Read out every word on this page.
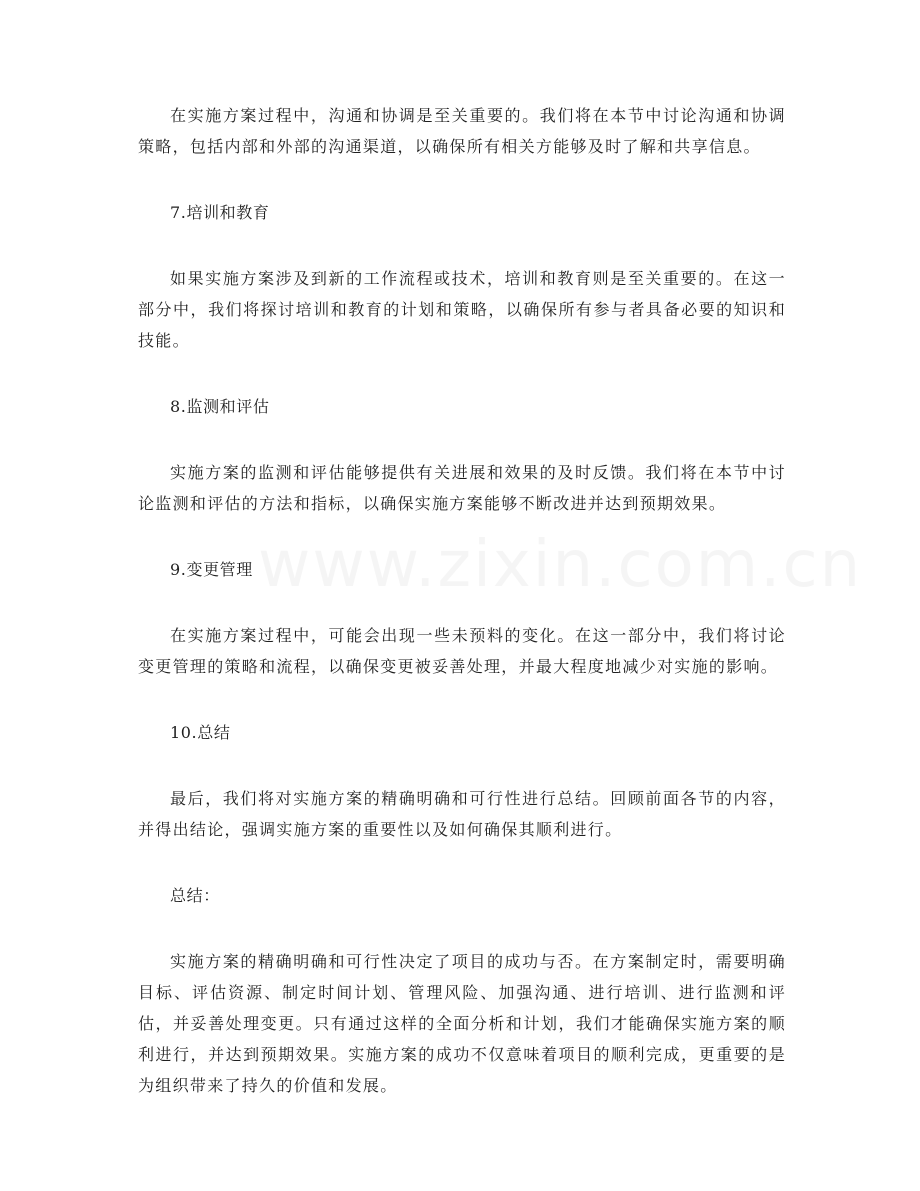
www.zixin.com.cn

在实施方案过程中，沟通和协调是至关重要的。我们将在本节中讨论沟通和协调策略，包括内部和外部的沟通渠道，以确保所有相关方能够及时了解和共享信息。

7.培训和教育

如果实施方案涉及到新的工作流程或技术，培训和教育则是至关重要的。在这一部分中，我们将探讨培训和教育的计划和策略，以确保所有参与者具备必要的知识和技能。

8.监测和评估

实施方案的监测和评估能够提供有关进展和效果的及时反馈。我们将在本节中讨论监测和评估的方法和指标，以确保实施方案能够不断改进并达到预期效果。

9.变更管理

在实施方案过程中，可能会出现一些未预料的变化。在这一部分中，我们将讨论变更管理的策略和流程，以确保变更被妥善处理，并最大程度地减少对实施的影响。

10.总结

最后，我们将对实施方案的精确明确和可行性进行总结。回顾前面各节的内容，并得出结论，强调实施方案的重要性以及如何确保其顺利进行。

总结：

实施方案的精确明确和可行性决定了项目的成功与否。在方案制定时，需要明确目标、评估资源、制定时间计划、管理风险、加强沟通、进行培训、进行监测和评估，并妥善处理变更。只有通过这样的全面分析和计划，我们才能确保实施方案的顺利进行，并达到预期效果。实施方案的成功不仅意味着项目的顺利完成，更重要的是为组织带来了持久的价值和发展。
